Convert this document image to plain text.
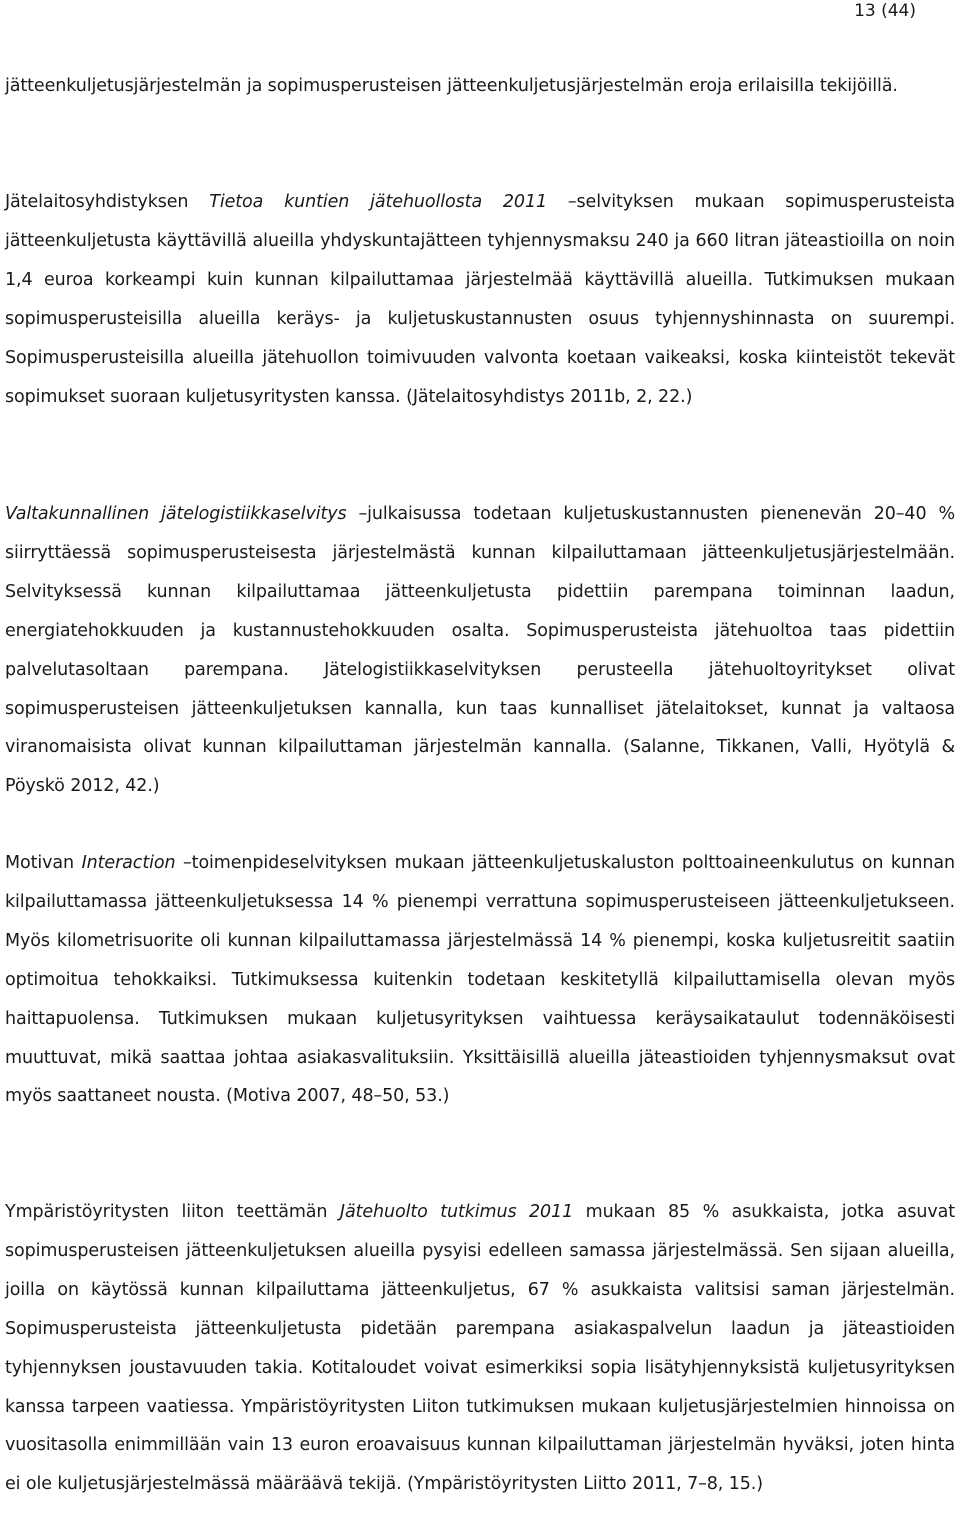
13 (44)

jätteenkuljetusjärjestelmän ja sopimusperusteisen jätteenkuljetusjärjestelmän eroja erilaisilla tekijöillä.

Jätelaitosyhdistyksen Tietoa kuntien jätehuollosta 2011 –selvityksen mukaan sopimusperusteista jätteenkuljetusta käyttävillä alueilla yhdyskuntajätteen tyhjennysmaksu 240 ja 660 litran jäteastioilla on noin 1,4 euroa korkeampi kuin kunnan kilpailuttamaa järjestelmää käyttävillä alueilla. Tutkimuksen mukaan sopimusperusteisilla alueilla keräys- ja kuljetuskustannusten osuus tyhjennyshinnasta on suurempi. Sopimusperusteisilla alueilla jätehuollon toimivuuden valvonta koetaan vaikeaksi, koska kiinteistöt tekevät sopimukset suoraan kuljetusyritysten kanssa. (Jätelaitosyhdistys 2011b, 2, 22.)

Valtakunnallinen jätelogistiikkaselvitys –julkaisussa todetaan kuljetuskustannusten pienenevän 20–40 % siirryttäessä sopimusperusteisesta järjestelmästä kunnan kilpailuttamaan jätteenkuljetusjärjestelmään. Selvityksessä kunnan kilpailuttamaa jätteenkuljetusta pidettiin parempana toiminnan laadun, energiatehokkuuden ja kustannustehokkuuden osalta. Sopimusperusteista jätehuoltoa taas pidettiin palvelutasoltaan parempana. Jätelogistiikkaselvityksen perusteella jätehuoltoyritykset olivat sopimusperusteisen jätteenkuljetuksen kannalla, kun taas kunnalliset jätelaitokset, kunnat ja valtaosa viranomaisista olivat kunnan kilpailuttaman järjestelmän kannalla. (Salanne, Tikkanen, Valli, Hyötylä & Pöyskö 2012, 42.)

Motivan Interaction –toimenpideselvityksen mukaan jätteenkuljetuskaluston polttoaineenkulutus on kunnan kilpailuttamassa jätteenkuljetuksessa 14 % pienempi verrattuna sopimusperusteiseen jätteenkuljetukseen. Myös kilometrisuorite oli kunnan kilpailuttamassa järjestelmässä 14 % pienempi, koska kuljetusreitit saatiin optimoitua tehokkaiksi. Tutkimuksessa kuitenkin todetaan keskitetyllä kilpailuttamisella olevan myös haittapuolensa. Tutkimuksen mukaan kuljetusyrityksen vaihtuessa keräysaikataulut todennäköisesti muuttuvat, mikä saattaa johtaa asiakasvalituksiin. Yksittäisillä alueilla jäteastioiden tyhjennysmaksut ovat myös saattaneet nousta. (Motiva 2007, 48–50, 53.)

Ympäristöyritysten liiton teettämän Jätehuolto tutkimus 2011 mukaan 85 % asukkaista, jotka asuvat sopimusperusteisen jätteenkuljetuksen alueilla pysyisi edelleen samassa järjestelmässä. Sen sijaan alueilla, joilla on käytössä kunnan kilpailuttama jätteenkuljetus, 67 % asukkaista valitsisi saman järjestelmän. Sopimusperusteista jätteenkuljetusta pidetään parempana asiakaspalvelun laadun ja jäteastioiden tyhjennyksen joustavuuden takia. Kotitaloudet voivat esimerkiksi sopia lisätyhjennyksistä kuljetusyrityksen kanssa tarpeen vaatiessa. Ympäristöyritysten Liiton tutkimuksen mukaan kuljetusjärjestelmien hinnoissa on vuositasolla enimmillään vain 13 euron eroavaisuus kunnan kilpailuttaman järjestelmän hyväksi, joten hinta ei ole kuljetusjärjestelmässä määräävä tekijä. (Ympäristöyritysten Liitto 2011, 7–8, 15.)
